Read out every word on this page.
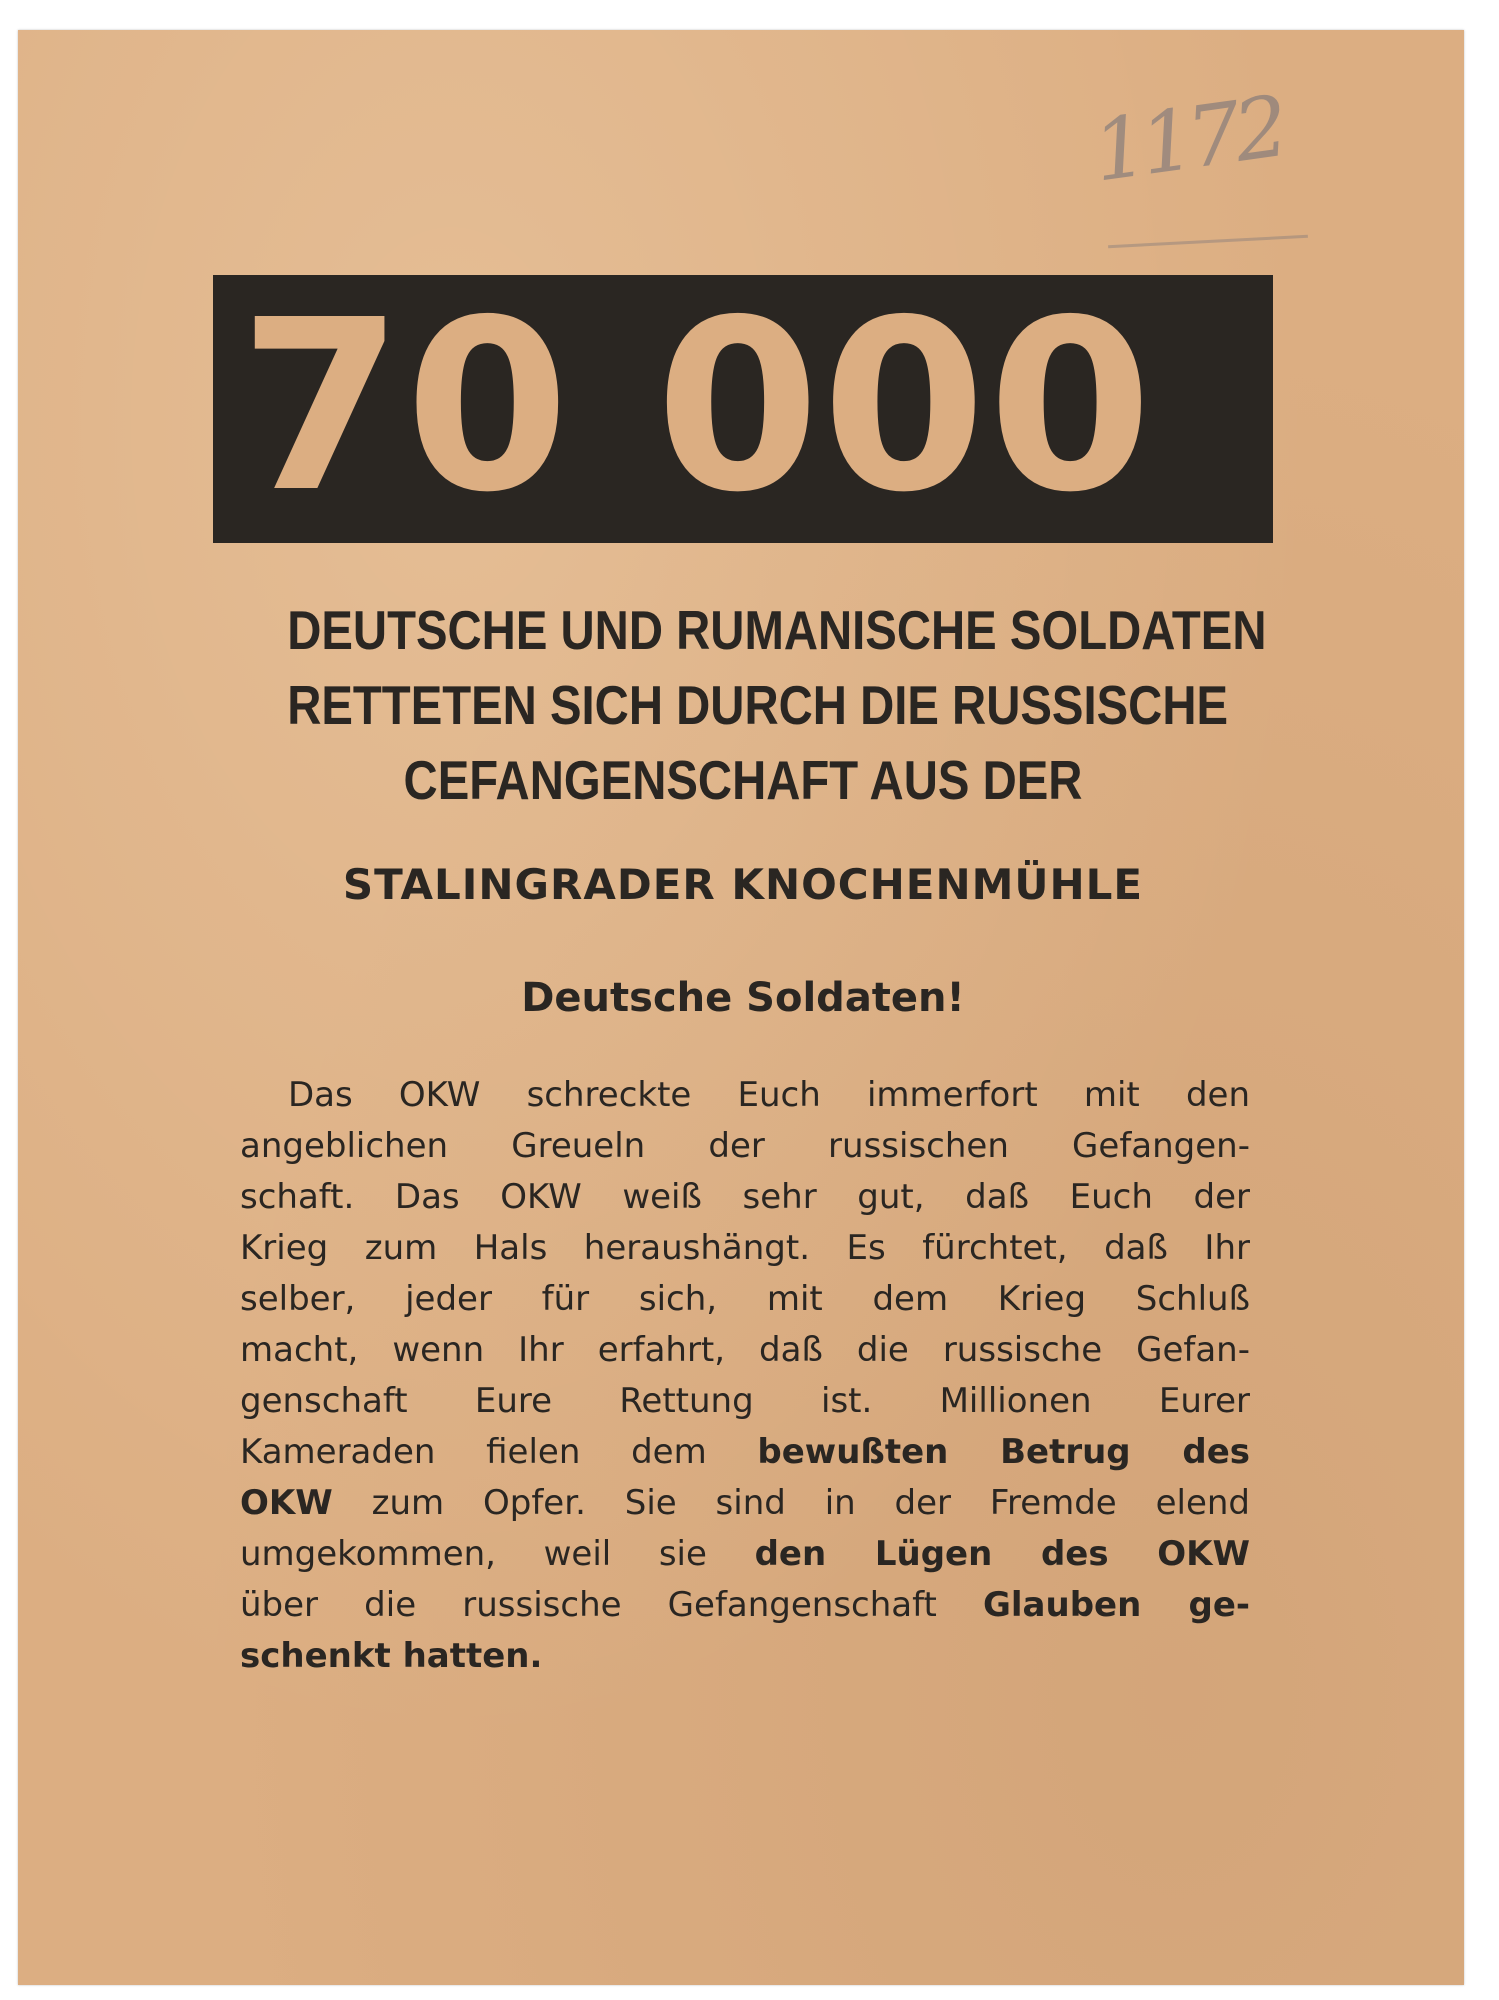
1172
70 000

DEUTSCHE UND RUMANISCHE SOLDATEN

RETTETEN SICH DURCH DIE RUSSISCHE

CEFANGENSCHAFT AUS DER

STALINGRADER KNOCHENMÜHLE

Deutsche Soldaten!

Das OKW schreckte Euch immerfort mit den
angeblichen Greueln der russischen Gefangen-
schaft. Das OKW weiß sehr gut, daß Euch der
Krieg zum Hals heraushängt. Es fürchtet, daß Ihr
selber, jeder für sich, mit dem Krieg Schluß
macht, wenn Ihr erfahrt, daß die russische Gefan-
genschaft Eure Rettung ist. Millionen Eurer
Kameraden fielen dem bewußten Betrug des
OKW zum Opfer. Sie sind in der Fremde elend
umgekommen, weil sie den Lügen des OKW
über die russische Gefangenschaft Glauben ge-
schenkt hatten.
